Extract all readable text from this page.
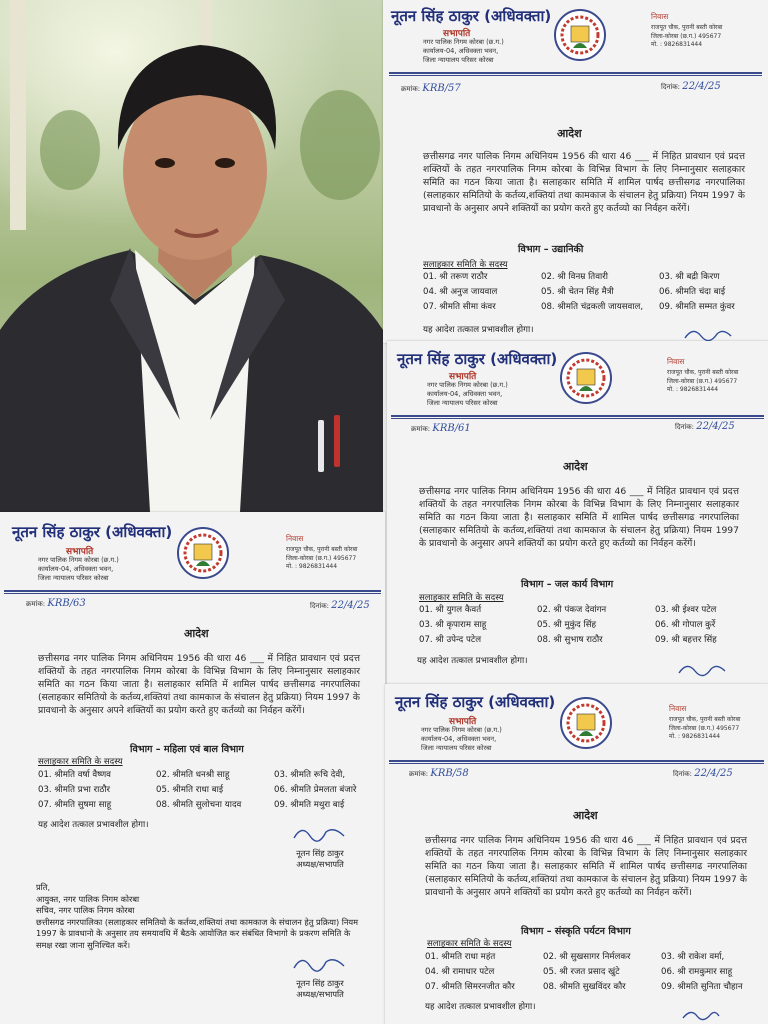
नूतन सिंह ठाकुर (अधिवक्ता)
सभापति
नगर पालिक निगम कोरबा (छ.ग.)
कार्यालय-04, अधिवक्ता भवन,
जिला न्यायालय परिसर कोरबा
निवास
राजपूत चौक, पुरानी बस्ती कोरबा
जिला-कोरबा (छ.ग.) 495677
मो. : 9826831444
क्रमांक: KRB/57	दिनांक: 22/4/25
आदेश
छत्तीसगढ नगर पालिक निगम अधिनियम 1956 की धारा 46 ___ में निहित प्रावधान एवं प्रदत्त शक्तियों के तहत नगरपालिक निगम कोरबा के विभिन्न विभाग के लिए निम्नानुसार सलाहकार समिति का गठन किया जाता है। सलाहकार समिति में शामिल पार्षद छत्तीसगढ नगरपालिका (सलाहकार समितियो के कर्तव्य,शक्तियां तथा कामकाज के संचालन हेतु प्रक्रिया) नियम 1997 के प्रावधानो के अनुसार अपने शक्तियों का प्रयोग करते हुए कर्तव्यो का निर्वहन करेंगें।
विभाग – उद्यानिकी
सलाहकार समिति के सदस्य
01. श्री तरूण राठौर	02. श्री विनम्र तिवारी	03. श्री बद्री किरण
04. श्री अनुज जायवाल	05. श्री चेतन सिंह मैत्री	06. श्रीमति चंदा बाई
07. श्रीमति सीमा कंवर	08. श्रीमति चंद्रकली जायसवाल,	09. श्रीमति सम्मत कुंवर
यह आदेश तत्काल प्रभावशील होगा।
नूतन सिंह ठाकुर (अधिवक्ता)
सभापति
नगर पालिक निगम कोरबा (छ.ग.)
कार्यालय-04, अधिवक्ता भवन,
जिला न्यायालय परिसर कोरबा
निवास
राजपूत चौक, पुरानी बस्ती कोरबा
जिला-कोरबा (छ.ग.) 495677
मो. : 9826831444
क्रमांक: KRB/61	दिनांक: 22/4/25
आदेश
छत्तीसगढ नगर पालिक निगम अधिनियम 1956 की धारा 46 ___ में निहित प्रावधान एवं प्रदत्त शक्तियों के तहत नगरपालिक निगम कोरबा के विभिन्न विभाग के लिए निम्नानुसार सलाहकार समिति का गठन किया जाता है। सलाहकार समिति में शामिल पार्षद छत्तीसगढ नगरपालिका (सलाहकार समितियो के कर्तव्य,शक्तियां तथा कामकाज के संचालन हेतु प्रक्रिया) नियम 1997 के प्रावधानो के अनुसार अपने शक्तियों का प्रयोग करते हुए कर्तव्यो का निर्वहन करेंगें।
विभाग – जल कार्य विभाग
सलाहकार समिति के सदस्य
01. श्री युगल कैवर्त	02. श्री पंकज देवांगन	03. श्री ईश्वर पटेल
03. श्री कृपाराम साहू	05. श्री मुकुंद सिंह	06. श्री गोपाल कुर्रे
07. श्री उपेन्द पटेल	08. श्री सुभाष राठौर	09. श्री बहत्तर सिंह
यह आदेश तत्काल प्रभावशील होगा।
नूतन सिंह ठाकुर (अधिवक्ता)
सभापति
नगर पालिक निगम कोरबा (छ.ग.)
कार्यालय-04, अधिवक्ता भवन,
जिला न्यायालय परिसर कोरबा
निवास
राजपूत चौक, पुरानी बस्ती कोरबा
जिला-कोरबा (छ.ग.) 495677
मो. : 9826831444
क्रमांक: KRB/63	दिनांक: 22/4/25
आदेश
छत्तीसगढ नगर पालिक निगम अधिनियम 1956 की धारा 46 ___ में निहित प्रावधान एवं प्रदत्त शक्तियों के तहत नगरपालिक निगम कोरबा के विभिन्न विभाग के लिए निम्नानुसार सलाहकार समिति का गठन किया जाता है। सलाहकार समिति में शामिल पार्षद छत्तीसगढ नगरपालिका (सलाहकार समितियो के कर्तव्य,शक्तियां तथा कामकाज के संचालन हेतु प्रक्रिया) नियम 1997 के प्रावधानो के अनुसार अपने शक्तियों का प्रयोग करते हुए कर्तव्यो का निर्वहन करेंगें।
विभाग – महिला एवं बाल विभाग
सलाहकार समिति के सदस्य
01. श्रीमति वर्षा वैष्णव	02. श्रीमति धनश्री साहू	03. श्रीमति रूचि देवी,
03. श्रीमति प्रभा राठौर	05. श्रीमति राधा बाई	06. श्रीमति प्रेमलता बंजारे
07. श्रीमति सुषमा साहू	08. श्रीमति सुलोचना यादव	09. श्रीमति मथुरा बाई
यह आदेश तत्काल प्रभावशील होगा।
नूतन सिंह ठाकुर
अध्यक्ष/सभापति
प्रति,
आयुक्त, नगर पालिक निगम कोरबा
सचिव, नगर पालिक निगम कोरबा
छत्तीसगढ नगरपालिका (सलाहकार समितियो के कर्तव्य,शक्तियां तथा कामकाज के संचालन हेतु प्रक्रिया) नियम 1997 के प्रावधानो के अनुसार तय समयावधि में बैठके आयोजित कर संबंधित विभागो के प्रकरण समिति के समक्ष रखा जाना सुनिश्चित करें।
नूतन सिंह ठाकुर
अध्यक्ष/सभापति
नूतन सिंह ठाकुर (अधिवक्ता)
सभापति
नगर पालिक निगम कोरबा (छ.ग.)
कार्यालय-04, अधिवक्ता भवन,
जिला न्यायालय परिसर कोरबा
निवास
राजपूत चौक, पुरानी बस्ती कोरबा
जिला-कोरबा (छ.ग.) 495677
मो. : 9826831444
क्रमांक: KRB/58	दिनांक: 22/4/25
आदेश
छत्तीसगढ नगर पालिक निगम अधिनियम 1956 की धारा 46 ___ में निहित प्रावधान एवं प्रदत्त शक्तियों के तहत नगरपालिक निगम कोरबा के विभिन्न विभाग के लिए निम्नानुसार सलाहकार समिति का गठन किया जाता है। सलाहकार समिति में शामिल पार्षद छत्तीसगढ नगरपालिका (सलाहकार समितियो के कर्तव्य,शक्तियां तथा कामकाज के संचालन हेतु प्रक्रिया) नियम 1997 के प्रावधानो के अनुसार अपने शक्तियों का प्रयोग करते हुए कर्तव्यो का निर्वहन करेंगें।
विभाग – संस्कृति पर्यटन विभाग
सलाहकार समिति के सदस्य
01. श्रीमति राधा महंत	02. श्री सुखसागर निर्मलकर	03. श्री राकेश वर्मा,
04. श्री रामाधार पटेल	05. श्री रजत प्रसाद खुंटे	06. श्री रामकुमार साहू
07. श्रीमति सिमरनजीत कौर	08. श्रीमति सुखविंदर कौर	09. श्रीमति सुनिता चौहान
यह आदेश तत्काल प्रभावशील होगा।
